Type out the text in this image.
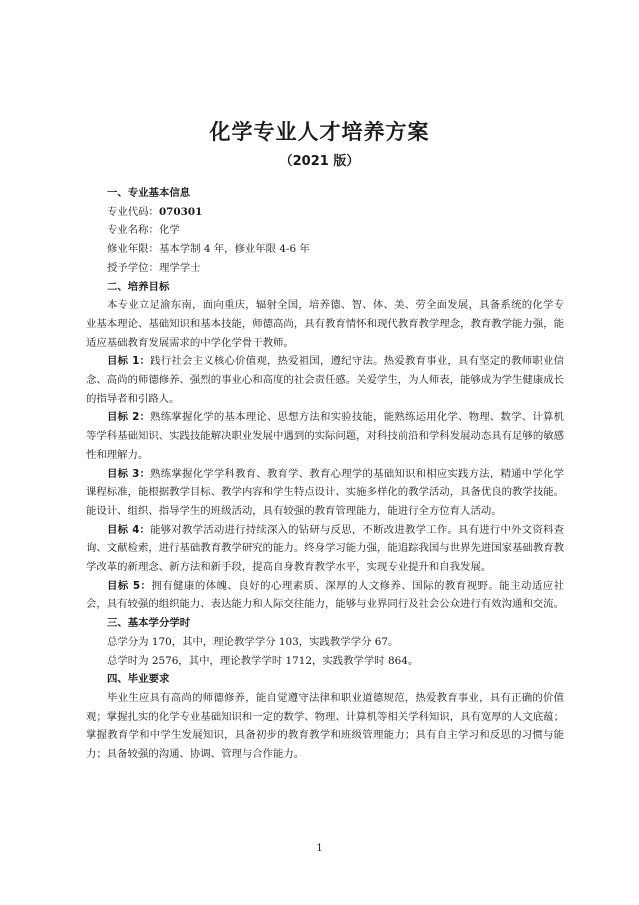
化学专业人才培养方案
（2021 版）
一、专业基本信息
专业代码：070301
专业名称：化学
修业年限：基本学制 4 年，修业年限 4-6 年
授予学位：理学学士
二、培养目标
本专业立足渝东南，面向重庆，辐射全国，培养德、智、体、美、劳全面发展，具备系统的化学专业基本理论、基础知识和基本技能，师德高尚，具有教育情怀和现代教育教学理念，教育教学能力强，能适应基础教育发展需求的中学化学骨干教师。
目标 1：践行社会主义核心价值观，热爱祖国，遵纪守法。热爱教育事业，具有坚定的教师职业信念、高尚的师德修养、强烈的事业心和高度的社会责任感。关爱学生，为人师表，能够成为学生健康成长的指导者和引路人。
目标 2：熟练掌握化学的基本理论、思想方法和实验技能，能熟练运用化学、物理、数学、计算机等学科基础知识、实践技能解决职业发展中遇到的实际问题，对科技前沿和学科发展动态具有足够的敏感性和理解力。
目标 3：熟练掌握化学学科教育、教育学、教育心理学的基础知识和相应实践方法，精通中学化学课程标准，能根据教学目标、教学内容和学生特点设计、实施多样化的教学活动，具备优良的教学技能。能设计、组织、指导学生的班级活动，具有较强的教育管理能力，能进行全方位育人活动。
目标 4：能够对教学活动进行持续深入的钻研与反思，不断改进教学工作。具有进行中外文资料查询、文献检索，进行基础教育教学研究的能力。终身学习能力强，能追踪我国与世界先进国家基础教育教学改革的新理念、新方法和新手段，提高自身教育教学水平，实现专业提升和自我发展。
目标 5：拥有健康的体魄、良好的心理素质、深厚的人文修养、国际的教育视野。能主动适应社会，具有较强的组织能力、表达能力和人际交往能力，能够与业界同行及社会公众进行有效沟通和交流。
三、基本学分学时
总学分为 170，其中，理论教学学分 103，实践教学学分 67。
总学时为 2576，其中，理论教学学时 1712，实践教学学时 864。
四、毕业要求
毕业生应具有高尚的师德修养，能自觉遵守法律和职业道德规范，热爱教育事业，具有正确的价值观；掌握扎实的化学专业基础知识和一定的数学、物理、计算机等相关学科知识，具有宽厚的人文底蕴；掌握教育学和中学生发展知识，具备初步的教育教学和班级管理能力；具有自主学习和反思的习惯与能力；具备较强的沟通、协调、管理与合作能力。
1
